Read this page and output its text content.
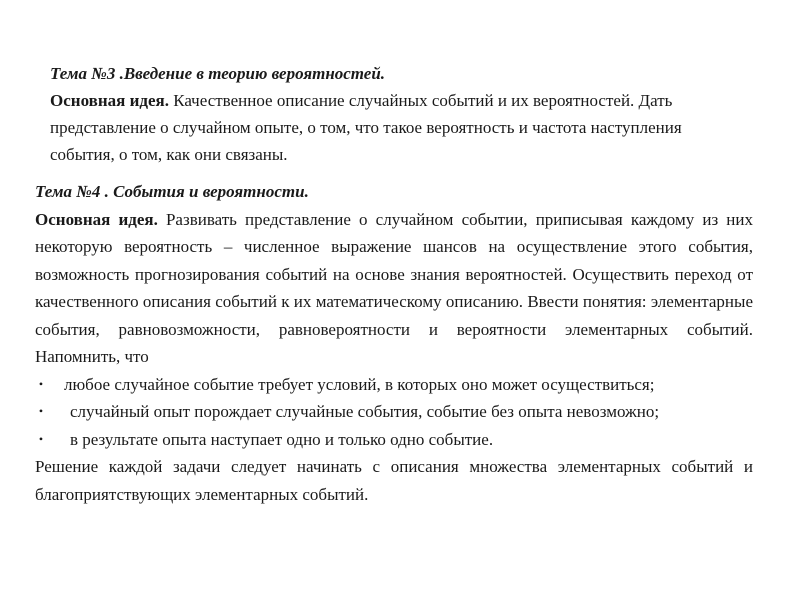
Тема №3 .Введение в теорию вероятностей.

Основная идея. Качественное описание случайных событий и их вероятностей. Дать представление о случайном опыте, о том, что такое вероятность и частота наступления события, о том, как они связаны.

Тема №4 . События и вероятности.

Основная идея. Развивать представление о случайном событии, приписывая каждому из них некоторую вероятность – численное выражение шансов на осуществление этого события, возможность прогнозирования событий на основе знания вероятностей. Осуществить переход от качественного описания событий к их математическому описанию. Ввести понятия: элементарные события, равновозможности, равновероятности и вероятности элементарных событий. Напомнить, что

• любое случайное событие требует условий, в которых оно может осуществиться;
• случайный опыт порождает случайные события, событие без опыта невозможно;
• в результате опыта наступает одно и только одно событие.

Решение каждой задачи следует начинать с описания множества элементарных событий и благоприятствующих элементарных событий.
